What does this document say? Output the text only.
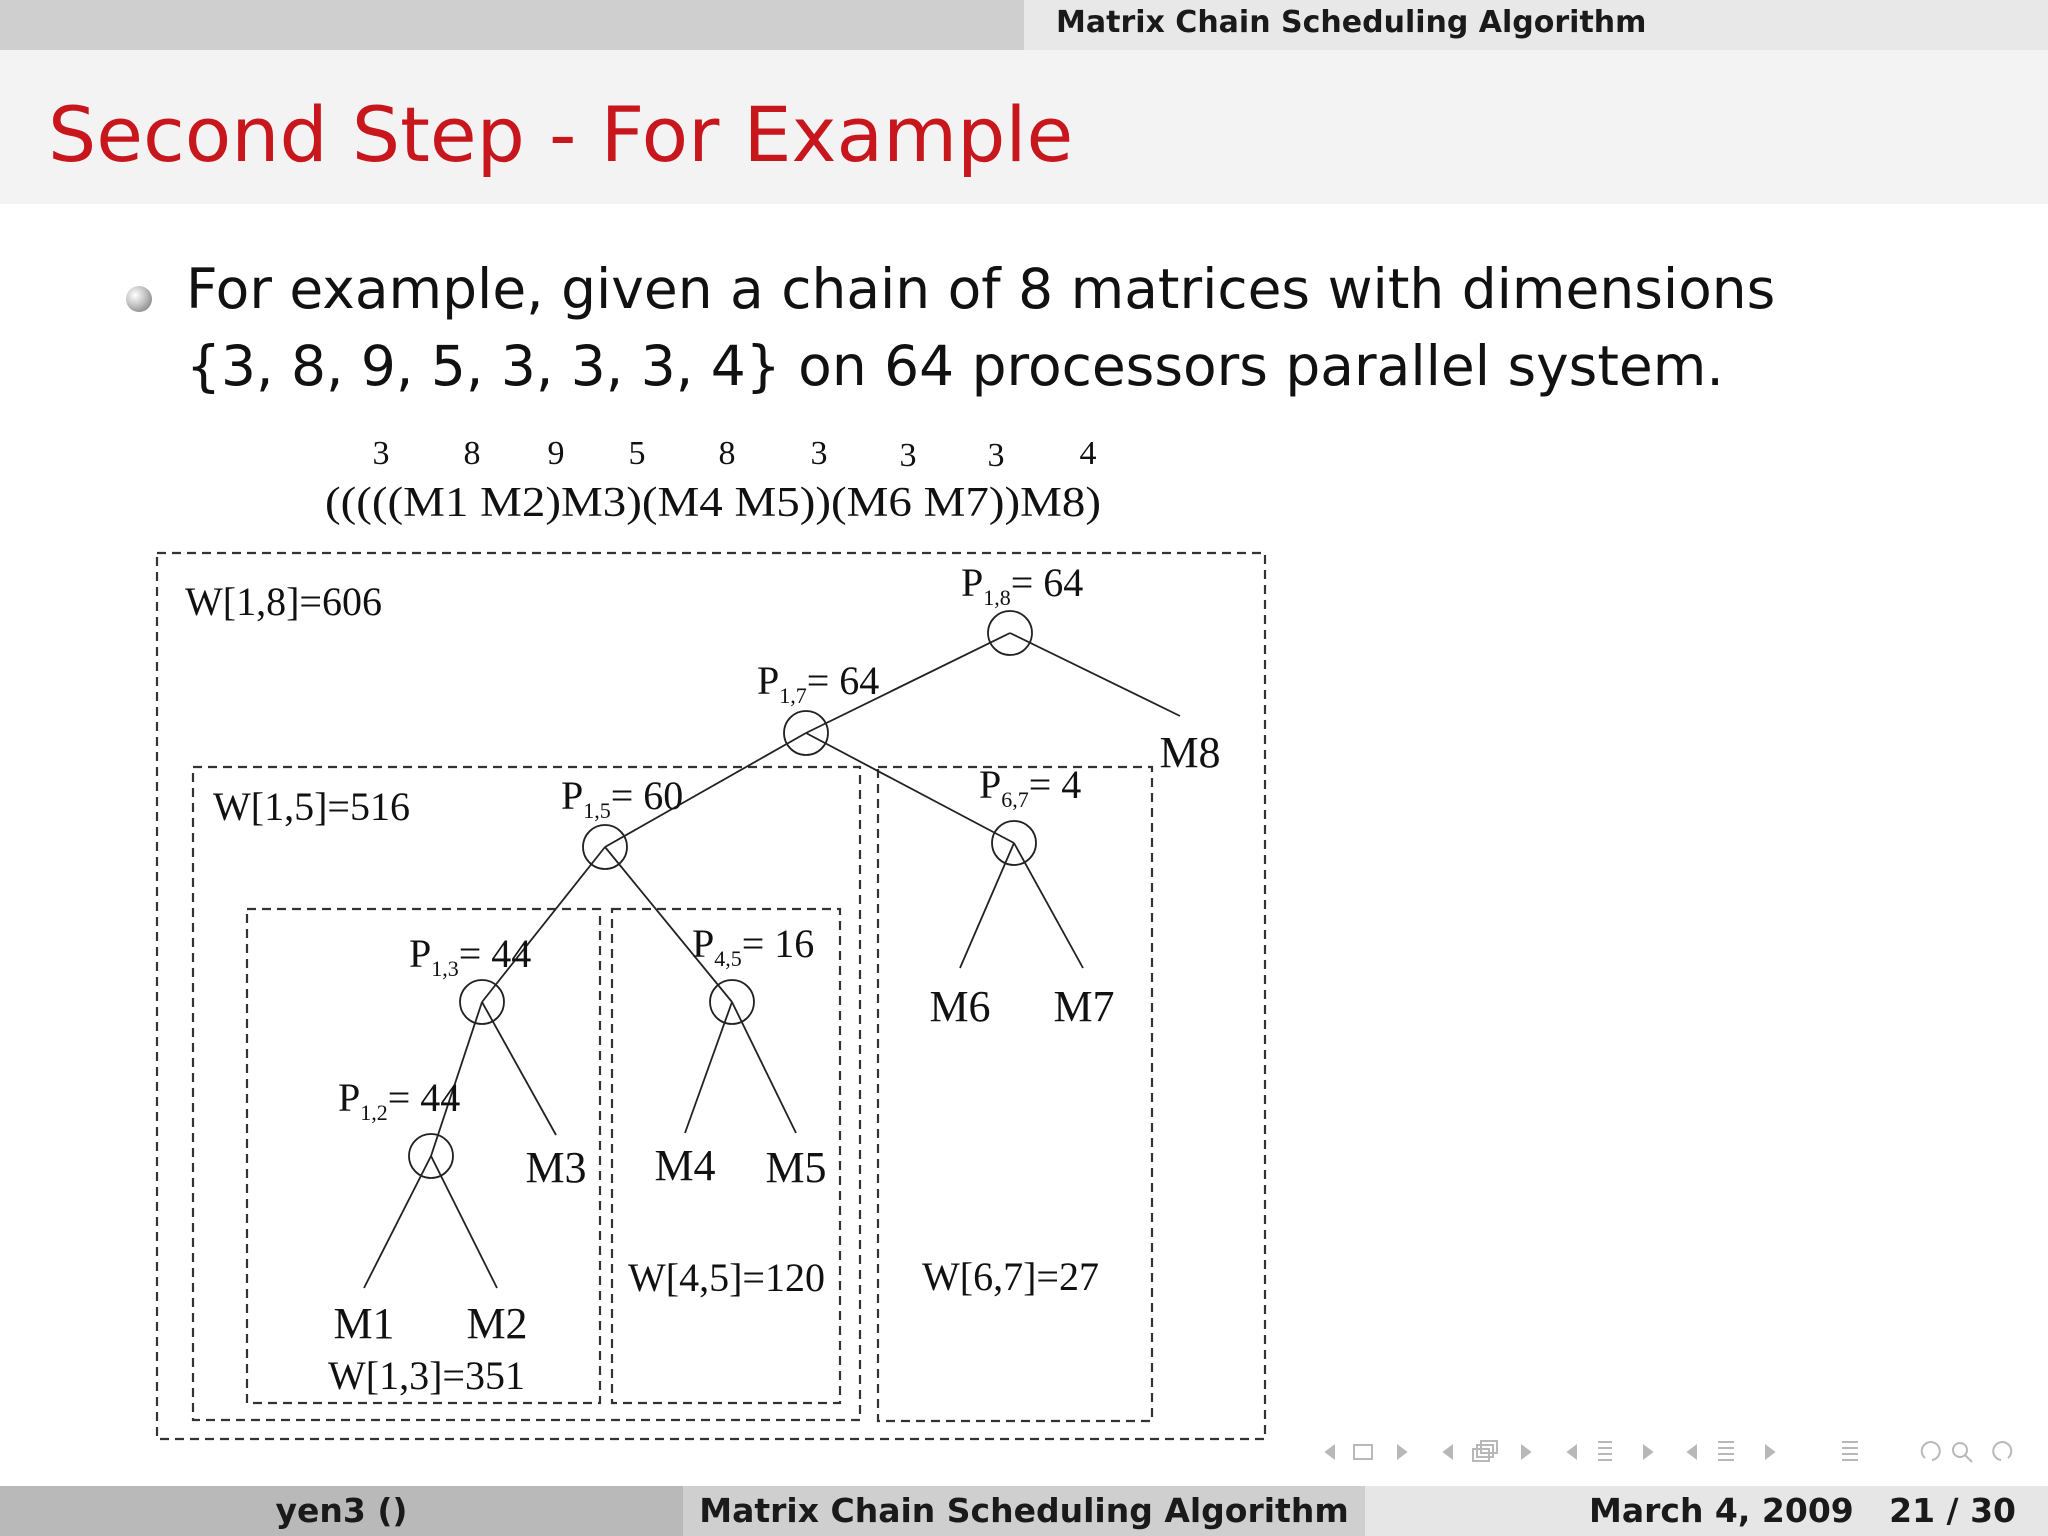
Matrix Chain Scheduling Algorithm
Second Step - For Example
For example, given a chain of 8 matrices with dimensions
{3, 8, 9, 5, 3, 3, 3, 4} on 64 processors parallel system.
3 8 9 5 8 3 3 3 4
(((((M1 M2)M3)(M4 M5))(M6 M7))M8)
W[1,8]=606
W[1,5]=516
W[1,3]=351
W[4,5]=120 W[6,7]=27
$P_{1,8}= 64$
$P_{1,7}= 64$
$P_{1,5}= 60$	$P_{6,7}= 4$
$P_{1,3}= 44$	$P_{4,5}= 16$
$P_{1,2}= 44$
M1 M2
M3 M4 M5
M6 M7
M8
yen3 ()	Matrix Chain Scheduling Algorithm	March 4, 2009 21 / 30
